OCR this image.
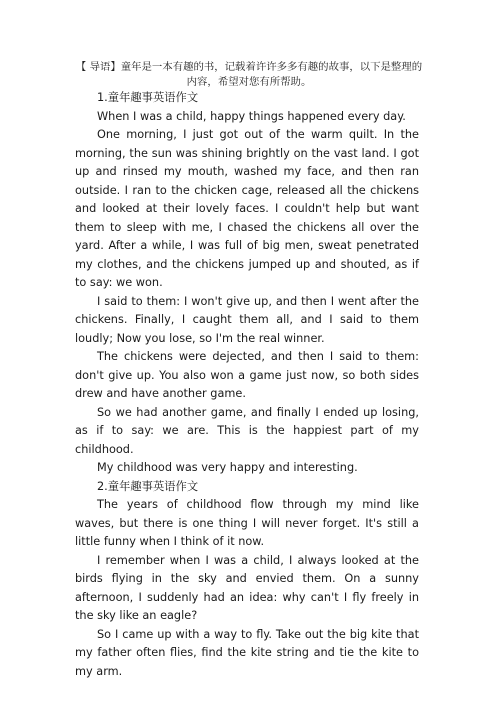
【 导语】童年是一本有趣的书，记载着许许多多有趣的故事，以下是整理的内容，希望对您有所帮助。

1.童年趣事英语作文

When I was a child, happy things happened every day.

One morning, I just got out of the warm quilt. In the morning, the sun was shining brightly on the vast land. I got up and rinsed my mouth, washed my face, and then ran outside. I ran to the chicken cage, released all the chickens and looked at their lovely faces. I couldn't help but want them to sleep with me, I chased the chickens all over the yard. After a while, I was full of big men, sweat penetrated my clothes, and the chickens jumped up and shouted, as if to say: we won.

I said to them: I won't give up, and then I went after the chickens. Finally, I caught them all, and I said to them loudly; Now you lose, so I'm the real winner.

The chickens were dejected, and then I said to them: don't give up. You also won a game just now, so both sides drew and have another game.

So we had another game, and finally I ended up losing, as if to say: we are. This is the happiest part of my childhood.

My childhood was very happy and interesting.

2.童年趣事英语作文

The years of childhood flow through my mind like waves, but there is one thing I will never forget. It's still a little funny when I think of it now.

I remember when I was a child, I always looked at the birds flying in the sky and envied them. On a sunny afternoon, I suddenly had an idea: why can't I fly freely in the sky like an eagle?

So I came up with a way to fly. Take out the big kite that my father often flies, find the kite string and tie the kite to my arm.
